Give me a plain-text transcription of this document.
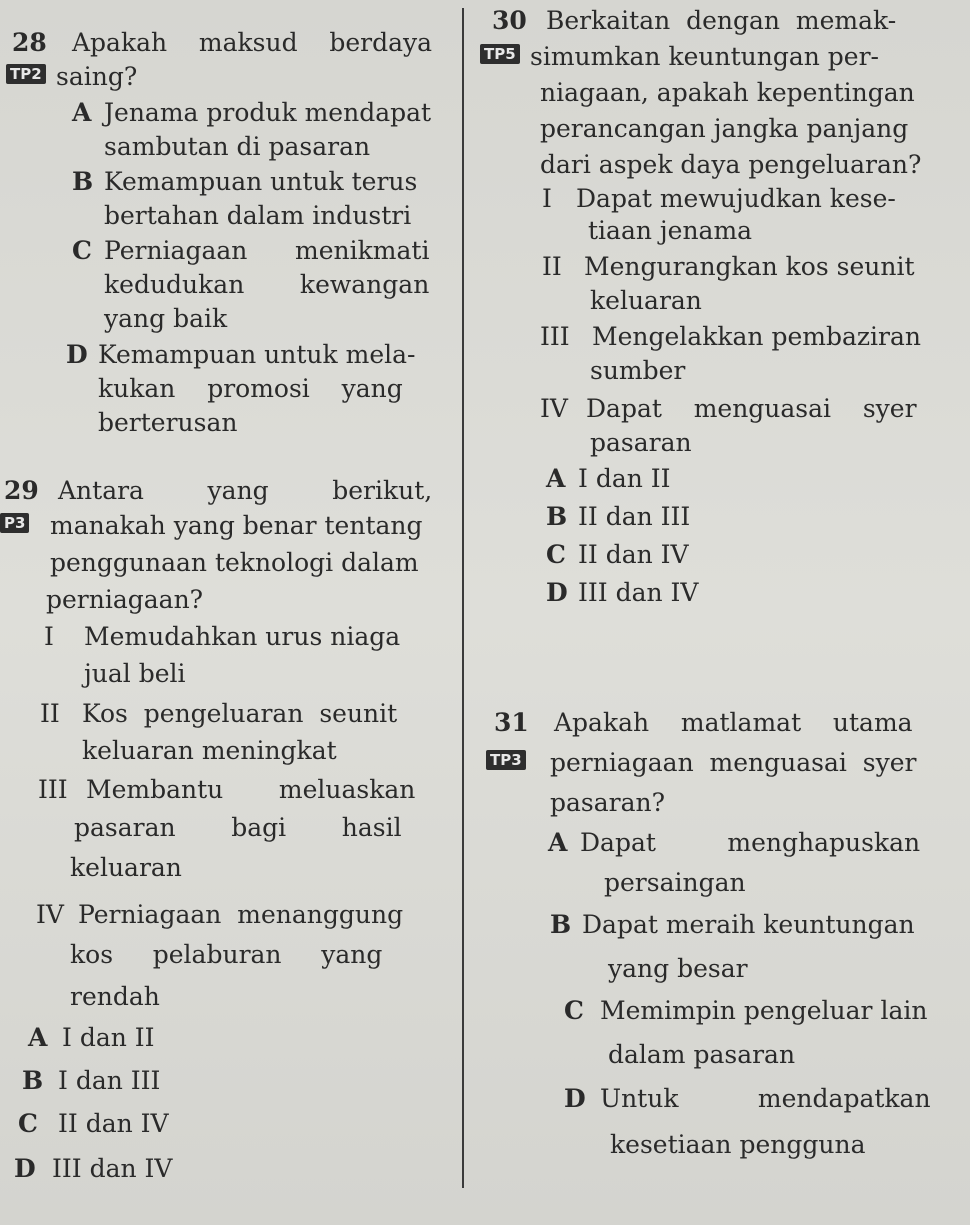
28 Apakah    maksud    berdaya
TP2 saing?
A Jenama produk mendapat
sambutan di pasaran
B Kemampuan untuk terus
bertahan dalam industri
C Perniagaan      menikmati
kedudukan       kewangan
yang baik
D Kemampuan untuk mela-
kukan    promosi    yang
berterusan
29 Antara        yang        berikut,
P3 manakah yang benar tentang
penggunaan teknologi dalam
perniagaan?
I Memudahkan urus niaga
jual beli
II Kos  pengeluaran  seunit
keluaran meningkat
III Membantu       meluaskan
pasaran       bagi       hasil
keluaran
IV Perniagaan  menanggung
kos     pelaburan     yang
rendah
A I dan II
B I dan III
C II dan IV
D III dan IV
30 Berkaitan  dengan  memak-
TP5 simumkan keuntungan per-
niagaan, apakah kepentingan
perancangan jangka panjang
dari aspek daya pengeluaran?
I Dapat mewujudkan kese-
tiaan jenama
II Mengurangkan kos seunit
keluaran
III Mengelakkan pembaziran
sumber
IV Dapat    menguasai    syer
pasaran
A I dan II
B II dan III
C II dan IV
D III dan IV
31 Apakah    matlamat    utama
TP3 perniagaan  menguasai  syer
pasaran?
A Dapat         menghapuskan
persaingan
B Dapat meraih keuntungan
yang besar
C Memimpin pengeluar lain
dalam pasaran
D Untuk          mendapatkan
kesetiaan pengguna
